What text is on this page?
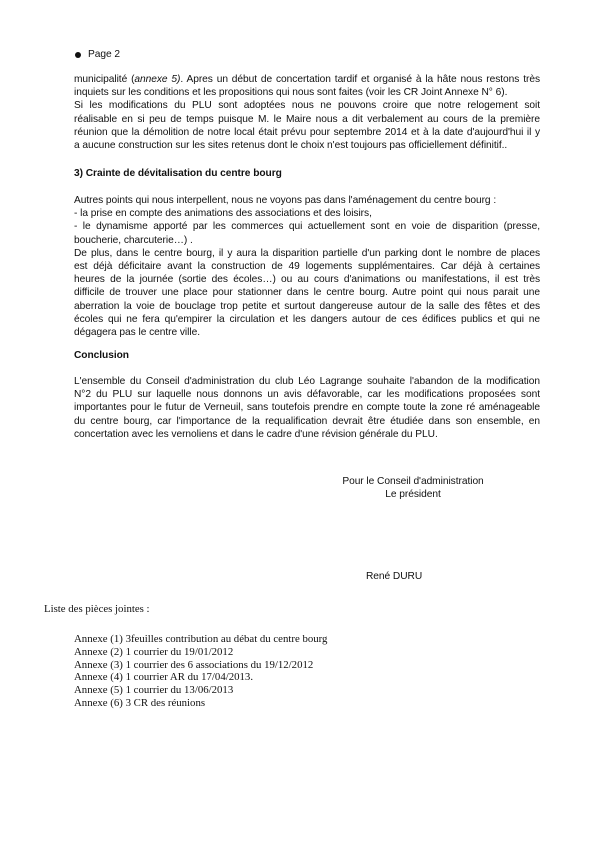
Page 2
municipalité (annexe 5). Apres un début de concertation tardif et organisé à la hâte nous restons très
inquiets sur les conditions et les propositions qui nous sont faites (voir les CR Joint Annexe N° 6).
Si les modifications du PLU sont adoptées nous ne pouvons croire que notre relogement soit
réalisable en si peu de temps puisque M. le Maire nous a dit verbalement au cours de la première
réunion que la démolition de notre local était prévu pour septembre 2014 et à la date d'aujourd'hui il y
a aucune construction sur les sites retenus dont le choix n'est toujours pas officiellement définitif..
3) Crainte de dévitalisation du centre bourg
Autres points qui nous interpellent, nous ne voyons pas dans l'aménagement du centre bourg :
- la prise en compte des animations des associations et des loisirs,
- le dynamisme apporté par les commerces qui actuellement sont en voie de disparition (presse,
boucherie, charcuterie…) .
De plus, dans le centre bourg, il y aura la disparition partielle d'un parking dont le nombre de places
est déjà déficitaire avant la construction de 49 logements supplémentaires. Car déjà à certaines
heures de la journée (sortie des écoles…) ou au cours d'animations ou manifestations, il est très
difficile de trouver une place pour stationner dans le centre bourg. Autre point qui nous parait une
aberration la voie de bouclage trop petite et surtout dangereuse autour de la salle des fêtes et des
écoles qui ne fera qu'empirer la circulation et les dangers autour de ces édifices publics et qui ne
dégagera pas le centre ville.
Conclusion
L'ensemble du Conseil d'administration du club Léo Lagrange souhaite l'abandon de la modification
N°2 du PLU sur laquelle nous donnons un avis défavorable, car les modifications proposées sont
importantes pour le futur de Verneuil, sans toutefois prendre en compte toute la zone ré aménageable
du centre bourg, car l'importance de la requalification devrait être étudiée dans son ensemble, en
concertation avec les vernoliens et dans le cadre d'une révision générale du PLU.
Pour le Conseil d'administration
Le président
René DURU
Liste des pièces jointes :
Annexe (1) 3feuilles contribution au débat du centre bourg
Annexe (2) 1 courrier du 19/01/2012
Annexe (3) 1 courrier des 6 associations du 19/12/2012
Annexe (4) 1 courrier AR du 17/04/2013.
Annexe (5) 1 courrier du 13/06/2013
Annexe (6) 3 CR des réunions
